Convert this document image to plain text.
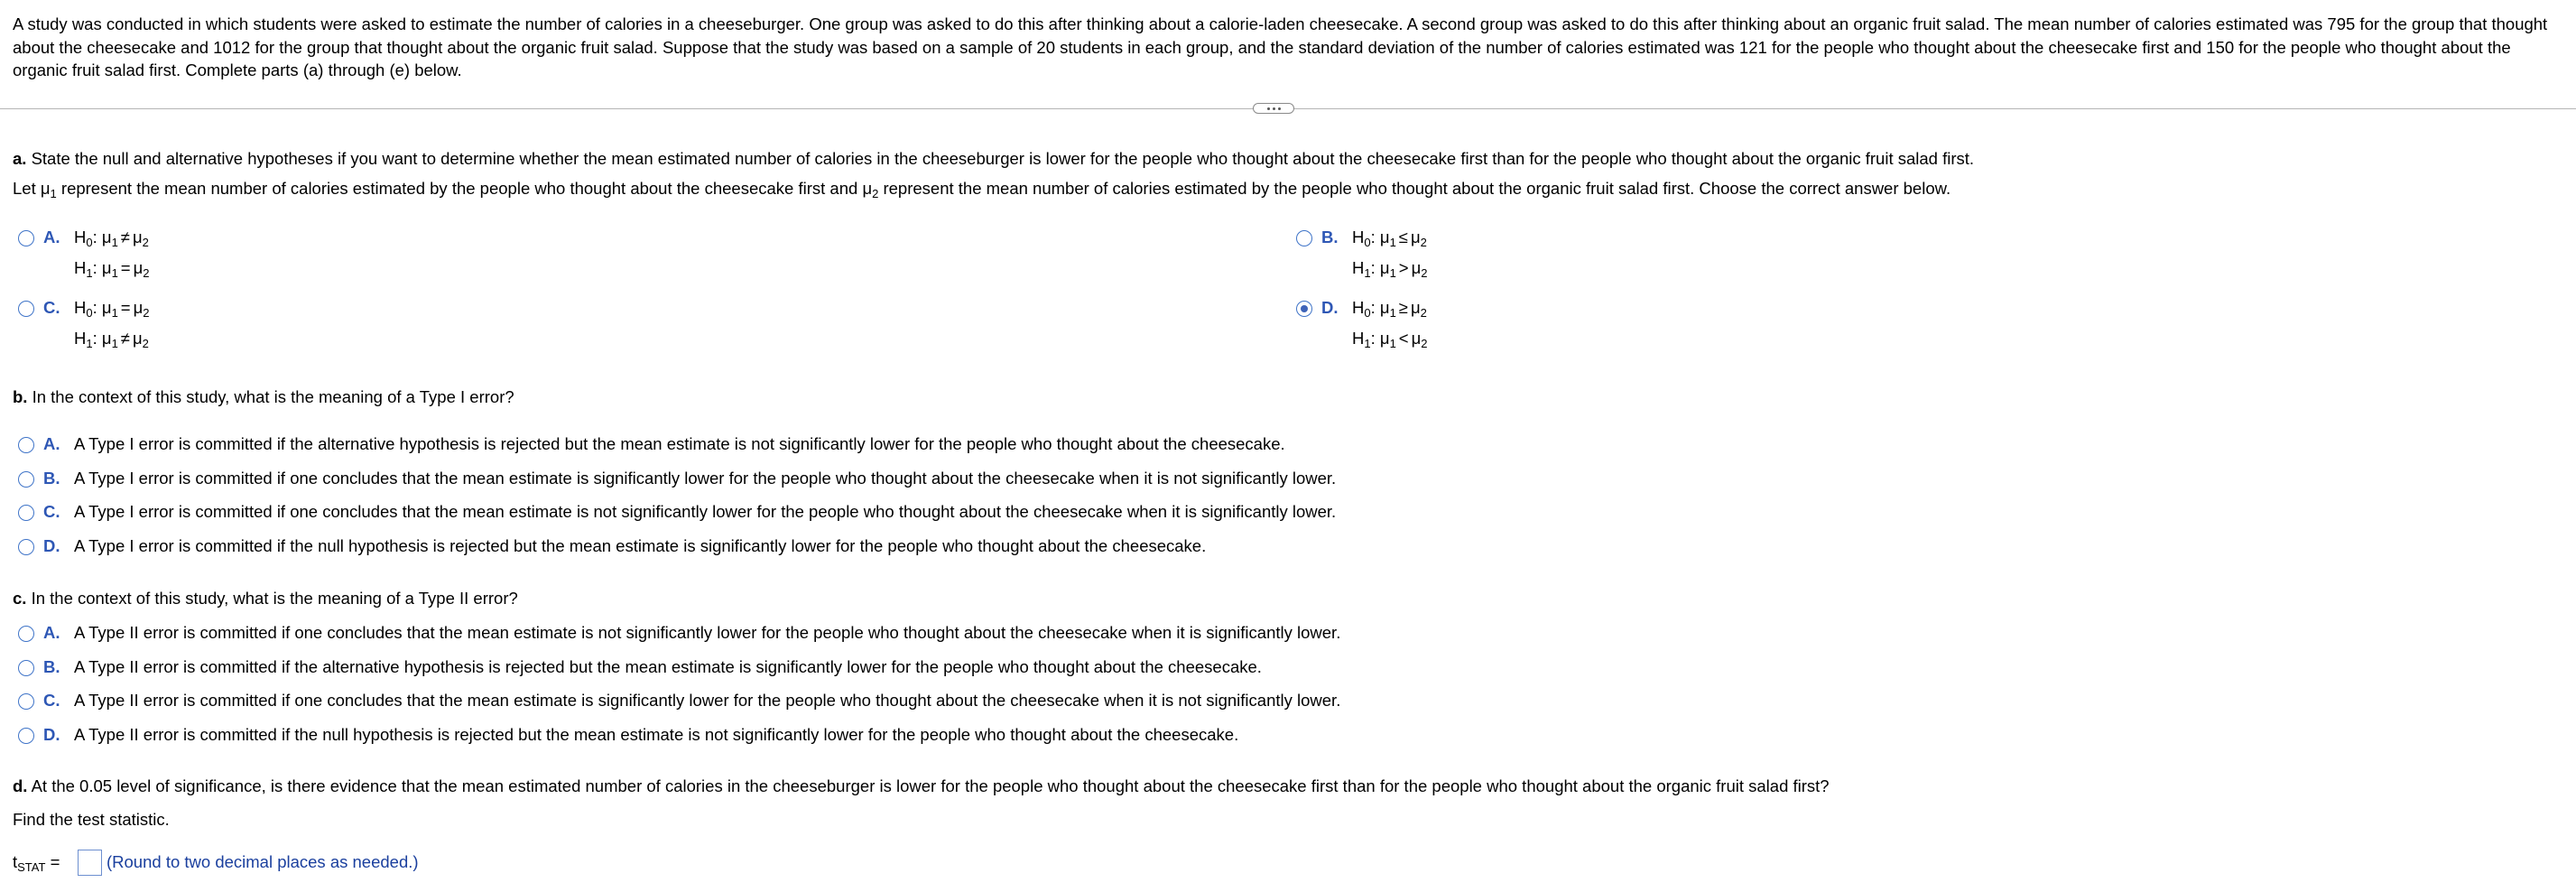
A study was conducted in which students were asked to estimate the number of calories in a cheeseburger. One group was asked to do this after thinking about a calorie-laden cheesecake. A second group was asked to do this after thinking about an organic fruit salad. The mean number of calories estimated was 795 for the group that thought about the cheesecake and 1012 for the group that thought about the organic fruit salad. Suppose that the study was based on a sample of 20 students in each group, and the standard deviation of the number of calories estimated was 121 for the people who thought about the cheesecake first and 150 for the people who thought about the organic fruit salad first. Complete parts (a) through (e) below.
a. State the null and alternative hypotheses if you want to determine whether the mean estimated number of calories in the cheeseburger is lower for the people who thought about the cheesecake first than for the people who thought about the organic fruit salad first.
Let $\mu_1$ represent the mean number of calories estimated by the people who thought about the cheesecake first and $\mu_2$ represent the mean number of calories estimated by the people who thought about the organic fruit salad first. Choose the correct answer below.
A. $H_0$: $\mu_1 \ne \mu_2$
$H_1$: $\mu_1 = \mu_2$
B. $H_0$: $\mu_1 \le \mu_2$
$H_1$: $\mu_1 > \mu_2$
C. $H_0$: $\mu_1 = \mu_2$
$H_1$: $\mu_1 \ne \mu_2$
D. $H_0$: $\mu_1 \ge \mu_2$
$H_1$: $\mu_1 < \mu_2$
b. In the context of this study, what is the meaning of a Type I error?
A. A Type I error is committed if the alternative hypothesis is rejected but the mean estimate is not significantly lower for the people who thought about the cheesecake.
B. A Type I error is committed if one concludes that the mean estimate is significantly lower for the people who thought about the cheesecake when it is not significantly lower.
C. A Type I error is committed if one concludes that the mean estimate is not significantly lower for the people who thought about the cheesecake when it is significantly lower.
D. A Type I error is committed if the null hypothesis is rejected but the mean estimate is significantly lower for the people who thought about the cheesecake.
c. In the context of this study, what is the meaning of a Type II error?
A. A Type II error is committed if one concludes that the mean estimate is not significantly lower for the people who thought about the cheesecake when it is significantly lower.
B. A Type II error is committed if the alternative hypothesis is rejected but the mean estimate is significantly lower for the people who thought about the cheesecake.
C. A Type II error is committed if one concludes that the mean estimate is significantly lower for the people who thought about the cheesecake when it is not significantly lower.
D. A Type II error is committed if the null hypothesis is rejected but the mean estimate is not significantly lower for the people who thought about the cheesecake.
d. At the 0.05 level of significance, is there evidence that the mean estimated number of calories in the cheeseburger is lower for the people who thought about the cheesecake first than for the people who thought about the organic fruit salad first?
Find the test statistic.
$t_{STAT}$ =	(Round to two decimal places as needed.)
